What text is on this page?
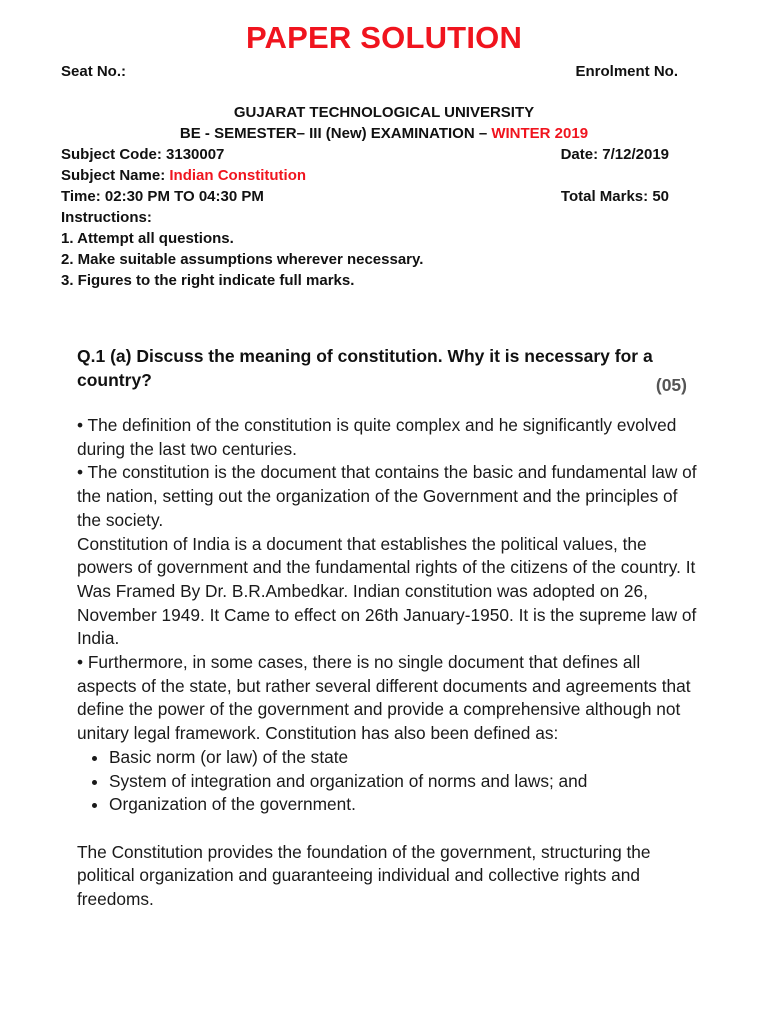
PAPER SOLUTION
Seat No.:	Enrolment No.
GUJARAT TECHNOLOGICAL UNIVERSITY
BE - SEMESTER– III (New) EXAMINATION – WINTER 2019
Subject Code: 3130007	Date: 7/12/2019
Subject Name: Indian Constitution
Time: 02:30 PM TO 04:30 PM	Total Marks: 50
Instructions:
1. Attempt all questions.
2. Make suitable assumptions wherever necessary.
3. Figures to the right indicate full marks.
Q.1 (a) Discuss the meaning of constitution. Why it is necessary for a country?	(05)

• The definition of the constitution is quite complex and he significantly evolved during the last two centuries.

• The constitution is the document that contains the basic and fundamental law of the nation, setting out the organization of the Government and the principles of the society.

Constitution of India is a document that establishes the political values, the powers of government and the fundamental rights of the citizens of the country. It Was Framed By Dr. B.R.Ambedkar. Indian constitution was adopted on 26, November 1949. It Came to effect on 26th January-1950. It is the supreme law of India.

• Furthermore, in some cases, there is no single document that defines all aspects of the state, but rather several different documents and agreements that define the power of the government and provide a comprehensive although not unitary legal framework. Constitution has also been defined as:

• Basic norm (or law) of the state
• System of integration and organization of norms and laws; and
• Organization of the government.

The Constitution provides the foundation of the government, structuring the political organization and guaranteeing individual and collective rights and freedoms.
